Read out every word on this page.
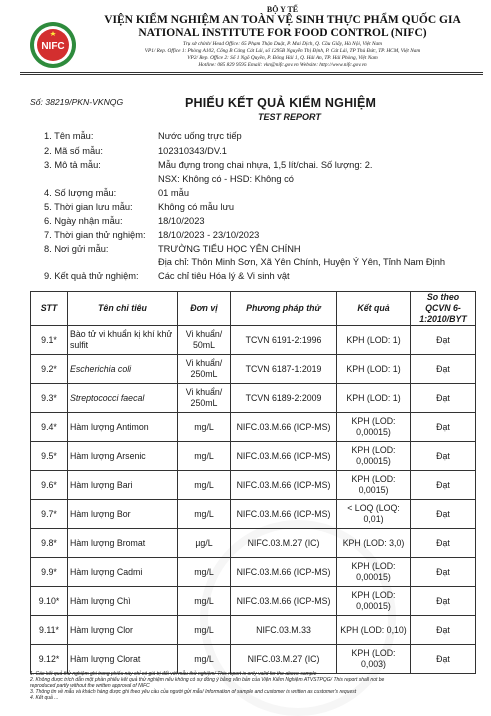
NIFC
BỘ Y TẾ
VIỆN KIỂM NGHIỆM AN TOÀN VỆ SINH THỰC PHẨM QUỐC GIA
NATIONAL INSTITUTE FOR FOOD CONTROL (NIFC)
Trụ sở chính/ Head Office: 65 Phạm Thận Duật, P. Mai Dịch, Q. Cầu Giấy, Hà Nội, Việt Nam
VP1/ Rep. Office 1: Phòng A102, Cổng B Cảng Cát Lái, số 1295B Nguyễn Thị Định, P. Cát Lái, TP Thủ Đức, TP. HCM, Việt Nam
VP2/ Rep. Office 2: Số 1 Ngõ Quyền, P. Đông Hải 1, Q. Hải An, TP. Hải Phòng, Việt Nam
Hotline: 085 829 9595 Email: vkn@nifc.gov.vn Website: http://www.nifc.gov.vn
Số: 38219/PKN-VKNQG	PHIẾU KẾT QUẢ KIỂM NGHIỆM
TEST REPORT
1. Tên mẫu:	Nước uống trực tiếp
2. Mã số mẫu:	102310343/DV.1
3. Mô tả mẫu:	Mẫu đựng trong chai nhựa, 1,5 lít/chai. Số lượng: 2.
NSX: Không có - HSD: Không có
4. Số lượng mẫu:	01 mẫu
5. Thời gian lưu mẫu:	Không có mẫu lưu
6. Ngày nhận mẫu:	18/10/2023
7. Thời gian thử nghiệm: 18/10/2023 - 23/10/2023
8. Nơi gửi mẫu:	TRƯỜNG TIỂU HỌC YÊN CHÍNH
Địa chỉ: Thôn Minh Sơn, Xã Yên Chính, Huyện Ý Yên, Tỉnh Nam Định
9. Kết quả thử nghiệm: Các chỉ tiêu Hóa lý & Vi sinh vật
STT	Tên chỉ tiêu	Đơn vị	Phương pháp thử	Kết quả	So theo QCVN 6-1:2010/BYT
9.1*	Bào tử vi khuẩn kị khí khử sulfit	Vi khuẩn/ 50mL	TCVN 6191-2:1996	KPH (LOD: 1)	Đạt
9.2*	Escherichia coli	Vi khuẩn/ 250mL	TCVN 6187-1:2019	KPH (LOD: 1)	Đạt
9.3*	Streptococci faecal	Vi khuẩn/ 250mL	TCVN 6189-2:2009	KPH (LOD: 1)	Đạt
9.4*	Hàm lượng Antimon	mg/L	NIFC.03.M.66 (ICP-MS)	KPH (LOD: 0,00015)	Đạt
9.5*	Hàm lượng Arsenic	mg/L	NIFC.03.M.66 (ICP-MS)	KPH (LOD: 0,00015)	Đạt
9.6*	Hàm lượng Bari	mg/L	NIFC.03.M.66 (ICP-MS)	KPH (LOD: 0,0015)	Đạt
9.7*	Hàm lượng Bor	mg/L	NIFC.03.M.66 (ICP-MS)	< LOQ (LOQ: 0,01)	Đạt
9.8*	Hàm lượng Bromat	µg/L	NIFC.03.M.27 (IC)	KPH (LOD: 3,0)	Đạt
9.9*	Hàm lượng Cadmi	mg/L	NIFC.03.M.66 (ICP-MS)	KPH (LOD: 0,00015)	Đạt
9.10*	Hàm lượng Chì	mg/L	NIFC.03.M.66 (ICP-MS)	KPH (LOD: 0,00015)	Đạt
9.11*	Hàm lượng Clor	mg/L	NIFC.03.M.33	KPH (LOD: 0,10)	Đạt
9.12*	Hàm lượng Clorat	mg/L	NIFC.03.M.27 (IC)	KPH (LOD: 0,003)	Đạt
1. Các kết quả thử nghiệm ghi trong phiếu này chỉ có giá trị đối với mẫu thử nghiệm/ This report is only valid for the above sample
2. Không được trích dẫn một phần phiếu kết quả thử nghiệm nếu không có sự đồng ý bằng văn bản của Viện Kiểm Nghiệm ATVSTPQG/ This report shall not be
reproduced partly without the written approval of NIFC
3. Thông tin về mẫu và khách hàng được ghi theo yêu cầu của người gửi mẫu/ Information of sample and customer is written as customer's request
4. Kết quả ...
